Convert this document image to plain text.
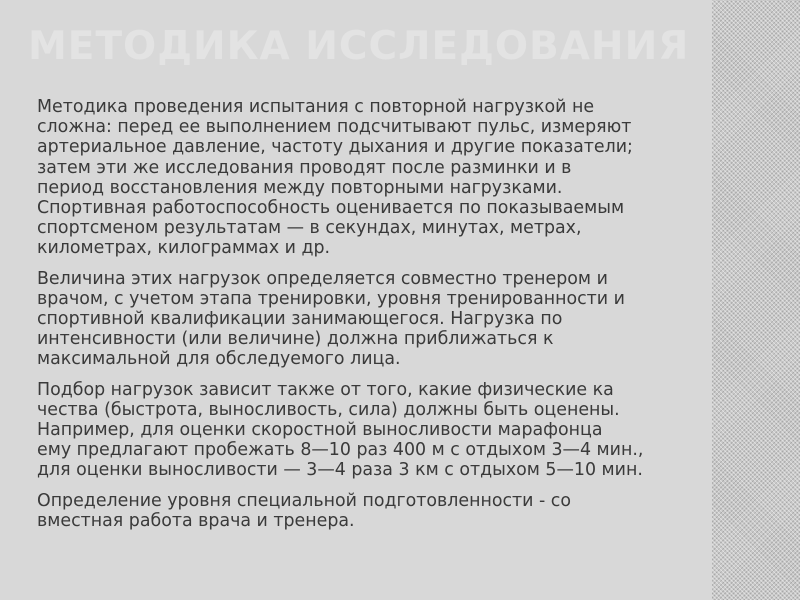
МЕТОДИКА ИССЛЕДОВАНИЯ

Методика проведения испытания с повторной нагрузкой не
сложна: перед ее выполнением подсчитывают пульс, измеряют
артериальное давление, частоту дыхания и другие показатели;
затем эти же исследования проводят после разминки и в
период восстановления между повторными нагрузками.
Спортивная работоспособность оценивается по показываемым
спортсменом результатам — в секундах, минутах, метрах,
километрах, килограммах и др.

Величина этих нагрузок определяется совместно тренером и
врачом, с учетом этапа тренировки, уровня тренированности и
спортивной квалификации занимающегося. Нагрузка по
интенсивности (или величине) должна приближаться к
максимальной для обследуемого лица.

Подбор нагрузок зависит также от того, какие физические ка
чества (быстрота, выносливость, сила) должны быть оценены.
Например, для оценки скоростной выносливости марафонца
ему предлагают пробежать 8—10 раз 400 м с отдыхом 3—4 мин.,
для оценки выносливости — 3—4 раза 3 км с отдыхом 5—10 мин.

Определение уровня специальной подготовленности - со
вместная работа врача и тренера.
